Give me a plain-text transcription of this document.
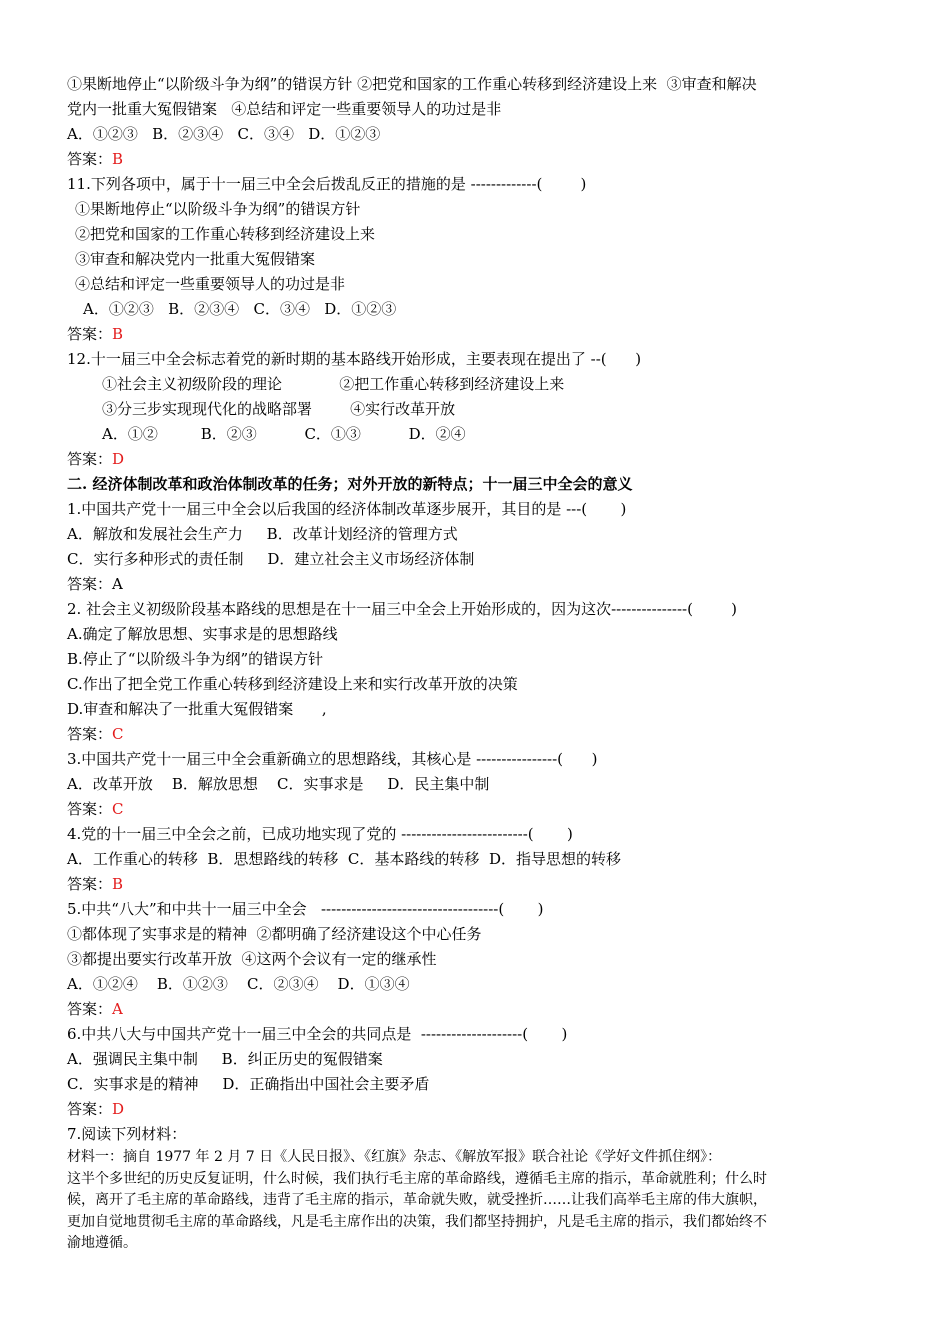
①果断地停止“以阶级斗争为纲”的错误方针 ②把党和国家的工作重心转移到经济建设上来  ③审查和解决
党内一批重大冤假错案   ④总结和评定一些重要领导人的功过是非
A．①②③   B．②③④   C．③④   D．①②③
答案：B
11.下列各项中，属于十一届三中全会后拨乱反正的措施的是 -------------(        )
①果断地停止“以阶级斗争为纲”的错误方针
②把党和国家的工作重心转移到经济建设上来
③审查和解决党内一批重大冤假错案
④总结和评定一些重要领导人的功过是非
A．①②③   B．②③④   C．③④   D．①②③
答案：B
12.十一届三中全会标志着党的新时期的基本路线开始形成，主要表现在提出了 --(      )
①社会主义初级阶段的理论            ②把工作重心转移到经济建设上来
③分三步实现现代化的战略部署        ④实行改革开放
A．①②         B．②③          C．①③          D．②④
答案：D
二. 经济体制改革和政治体制改革的任务；对外开放的新特点；十一届三中全会的意义
1.中国共产党十一届三中全会以后我国的经济体制改革逐步展开，其目的是 ---(       )
A．解放和发展社会生产力     B．改革计划经济的管理方式
C．实行多种形式的责任制     D．建立社会主义市场经济体制
答案：A
2. 社会主义初级阶段基本路线的思想是在十一届三中全会上开始形成的，因为这次---------------(        )
A.确定了解放思想、实事求是的思想路线
B.停止了“以阶级斗争为纲”的错误方针
C.作出了把全党工作重心转移到经济建设上来和实行改革开放的决策
D.审查和解决了一批重大冤假错案      ,
答案：C
3.中国共产党十一届三中全会重新确立的思想路线，其核心是 ----------------(      )
A．改革开放    B．解放思想    C．实事求是     D．民主集中制
答案：C
4.党的十一届三中全会之前，已成功地实现了党的 -------------------------(       )
A．工作重心的转移  B．思想路线的转移  C．基本路线的转移  D．指导思想的转移
答案：B
5.中共“八大”和中共十一届三中全会   -----------------------------------(       )
①都体现了实事求是的精神  ②都明确了经济建设这个中心任务
③都提出要实行改革开放  ④这两个会议有一定的继承性
A．①②④    B．①②③    C．②③④    D．①③④
答案：A
6.中共八大与中国共产党十一届三中全会的共同点是  --------------------(       )
A．强调民主集中制     B．纠正历史的冤假错案
C．实事求是的精神     D．正确指出中国社会主要矛盾
答案：D
7.阅读下列材料：
材料一：摘自 1977 年 2 月 7 日《人民日报》、《红旗》杂志、《解放军报》联合社论《学好文件抓住纲》：
这半个多世纪的历史反复证明，什么时候，我们执行毛主席的革命路线，遵循毛主席的指示，革命就胜利；什么时
候，离开了毛主席的革命路线，违背了毛主席的指示，革命就失败，就受挫折……让我们高举毛主席的伟大旗帜，
更加自觉地贯彻毛主席的革命路线，凡是毛主席作出的决策，我们都坚持拥护，凡是毛主席的指示，我们都始终不
渝地遵循。
